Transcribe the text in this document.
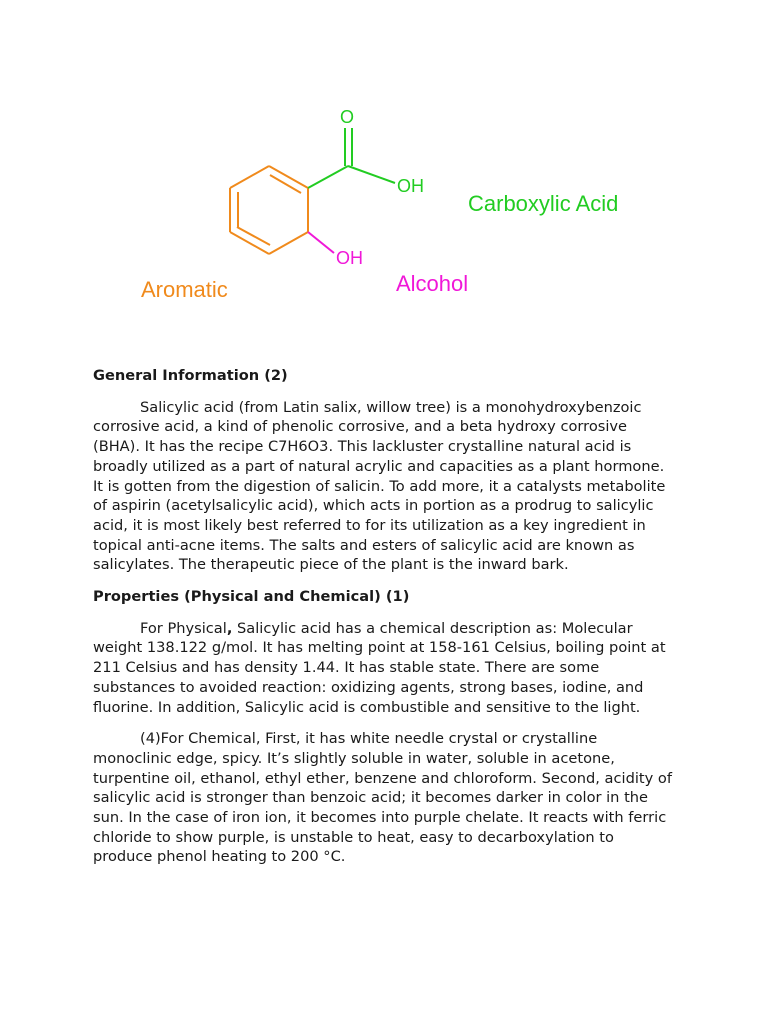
O
OH
OH
Carboxylic Acid
Aromatic	Alcohol
General Information (2)
Salicylic acid (from Latin salix, willow tree) is a monohydroxybenzoic corrosive acid, a kind of phenolic corrosive, and a beta hydroxy corrosive (BHA). It has the recipe C7H6O3. This lackluster crystalline natural acid is broadly utilized as a part of natural acrylic and capacities as a plant hormone. It is gotten from the digestion of salicin. To add more, it a catalysts metabolite of aspirin (acetylsalicylic acid), which acts in portion as a prodrug to salicylic acid, it is most likely best referred to for its utilization as a key ingredient in topical anti-acne items. The salts and esters of salicylic acid are known as salicylates. The therapeutic piece of the plant is the inward bark.
Properties (Physical and Chemical) (1)
For Physical, Salicylic acid has a chemical description as: Molecular weight 138.122 g/mol. It has melting point at 158-161 Celsius, boiling point at 211 Celsius and has density 1.44. It has stable state. There are some substances to avoided reaction: oxidizing agents, strong bases, iodine, and fluorine. In addition, Salicylic acid is combustible and sensitive to the light.
(4)For Chemical, First, it has white needle crystal or crystalline monoclinic edge, spicy. It’s slightly soluble in water, soluble in acetone, turpentine oil, ethanol, ethyl ether, benzene and chloroform. Second, acidity of salicylic acid is stronger than benzoic acid; it becomes darker in color in the sun. In the case of iron ion, it becomes into purple chelate. It reacts with ferric chloride to show purple, is unstable to heat, easy to decarboxylation to produce phenol heating to 200 °C.
